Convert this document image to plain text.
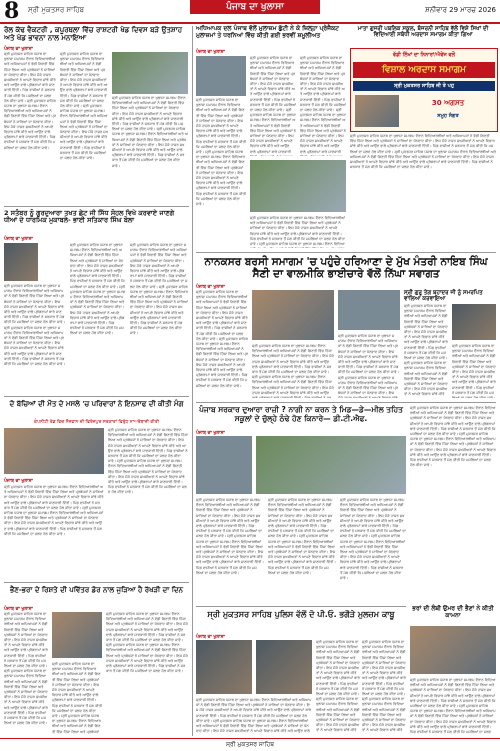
8 ਸ੍ਰੀ ਮੁਕਤਸਰ ਸਾਹਿਬ	ਪੰਜਾਬ ਦਾ ਖੁਲਾਸਾ	ਸ਼ਨੀਵਾਰ 29 ਮਾਰਚ 2026
ਰੋਲ ਕੱਢ ਵੈਕਟਰੀ , ਕਪੂਰਥਲਾ ਵਿੱਚ ਰਾਸ਼ਟਰੀ ਖੇਡ ਦਿਵਸ ਬੜੇ ਉਤਸ਼ਾਹ ਅਤੇ ਖੇਡ ਭਾਵਨਾ ਨਾਲ ਮਨਾਇਆ
ਪੰਜਾਬ ਦਾ ਖੁਲਾਸਾ
ਸ੍ਰੀ ਮੁਕਤਸਰ ਸਾਹਿਬ ਪੰਜਾਬ ਦਾ ਖੁਲਾਸਾ ਸਮਾਗਮ ਦੌਰਾਨ ਵਿਦਿਆਰਥੀਆਂ ਅਤੇ ਅਧਿਆਪਕਾਂ ਨੇ ਵੱਡੀ ਗਿਣਤੀ ਵਿੱਚ ਹਿੱਸਾ ਲਿਆ ਅਤੇ ਪ੍ਰਬੰਧਕਾਂ ਨੇ ਸਾਰਿਆਂ ਦਾ ਧੰਨਵਾਦ ਕੀਤਾ। ਇਸ ਮੌਕੇ ਹਾਜ਼ਰ ਸ਼ਖਸੀਅਤਾਂ ਨੇ ਆਪਣੇ ਵਿਚਾਰ ਸਾਂਝੇ ਕੀਤੇ ਅਤੇ ਆਉਣ ਵਾਲੇ ਪ੍ਰੋਗਰਾਮਾਂ ਬਾਰੇ ਜਾਣਕਾਰੀ ਦਿੱਤੀ। ਪਿੰਡ ਵਾਸੀਆਂ ਨੇ ਸਰਕਾਰ ਤੋਂ ਮੰਗ ਕੀਤੀ ਕਿ ਮਸਲਿਆਂ ਦਾ ਜਲਦ ਹੱਲ ਕੀਤਾ ਜਾਵੇ। ਸ੍ਰੀ ਮੁਕਤਸਰ ਸਾਹਿਬ ਪੰਜਾਬ ਦਾ ਖੁਲਾਸਾ ਸਮਾਗਮ ਦੌਰਾਨ ਵਿਦਿਆਰਥੀਆਂ ਅਤੇ ਅਧਿਆਪਕਾਂ ਨੇ ਵੱਡੀ ਗਿਣਤੀ ਵਿੱਚ ਹਿੱਸਾ ਲਿਆ ਅਤੇ ਪ੍ਰਬੰਧਕਾਂ ਨੇ ਸਾਰਿਆਂ ਦਾ ਧੰਨਵਾਦ ਕੀਤਾ। ਇਸ ਮੌਕੇ ਹਾਜ਼ਰ ਸ਼ਖਸੀਅਤਾਂ ਨੇ ਆਪਣੇ ਵਿਚਾਰ ਸਾਂਝੇ ਕੀਤੇ ਅਤੇ ਆਉਣ ਵਾਲੇ ਪ੍ਰੋਗਰਾਮਾਂ ਬਾਰੇ ਜਾਣਕਾਰੀ ਦਿੱਤੀ। ਪਿੰਡ ਵਾਸੀਆਂ ਨੇ ਸਰਕਾਰ ਤੋਂ ਮੰਗ ਕੀਤੀ ਕਿ ਮਸਲਿਆਂ ਦਾ ਜਲਦ ਹੱਲ ਕੀਤਾ ਜਾਵੇ।
ਸ੍ਰੀ ਮੁਕਤਸਰ ਸਾਹਿਬ ਪੰਜਾਬ ਦਾ ਖੁਲਾਸਾ ਸਮਾਗਮ ਦੌਰਾਨ ਵਿਦਿਆਰਥੀਆਂ ਅਤੇ ਅਧਿਆਪਕਾਂ ਨੇ ਵੱਡੀ ਗਿਣਤੀ ਵਿੱਚ ਹਿੱਸਾ ਲਿਆ ਅਤੇ ਪ੍ਰਬੰਧਕਾਂ ਨੇ ਸਾਰਿਆਂ ਦਾ ਧੰਨਵਾਦ ਕੀਤਾ। ਇਸ ਮੌਕੇ ਹਾਜ਼ਰ ਸ਼ਖਸੀਅਤਾਂ ਨੇ ਆਪਣੇ ਵਿਚਾਰ ਸਾਂਝੇ ਕੀਤੇ ਅਤੇ ਆਉਣ ਵਾਲੇ ਪ੍ਰੋਗਰਾਮਾਂ ਬਾਰੇ ਜਾਣਕਾਰੀ ਦਿੱਤੀ। ਪਿੰਡ ਵਾਸੀਆਂ ਨੇ ਸਰਕਾਰ ਤੋਂ ਮੰਗ ਕੀਤੀ ਕਿ ਮਸਲਿਆਂ ਦਾ ਜਲਦ ਹੱਲ ਕੀਤਾ ਜਾਵੇ। ਸ੍ਰੀ ਮੁਕਤਸਰ ਸਾਹਿਬ ਪੰਜਾਬ ਦਾ ਖੁਲਾਸਾ ਸਮਾਗਮ ਦੌਰਾਨ ਵਿਦਿਆਰਥੀਆਂ ਅਤੇ ਅਧਿਆਪਕਾਂ ਨੇ ਵੱਡੀ ਗਿਣਤੀ ਵਿੱਚ ਹਿੱਸਾ ਲਿਆ ਅਤੇ ਪ੍ਰਬੰਧਕਾਂ ਨੇ ਸਾਰਿਆਂ ਦਾ ਧੰਨਵਾਦ ਕੀਤਾ। ਇਸ ਮੌਕੇ ਹਾਜ਼ਰ ਸ਼ਖਸੀਅਤਾਂ ਨੇ ਆਪਣੇ ਵਿਚਾਰ ਸਾਂਝੇ ਕੀਤੇ ਅਤੇ ਆਉਣ ਵਾਲੇ ਪ੍ਰੋਗਰਾਮਾਂ ਬਾਰੇ ਜਾਣਕਾਰੀ ਦਿੱਤੀ। ਪਿੰਡ ਵਾਸੀਆਂ ਨੇ ਸਰਕਾਰ ਤੋਂ ਮੰਗ ਕੀਤੀ ਕਿ ਮਸਲਿਆਂ ਦਾ ਜਲਦ ਹੱਲ ਕੀਤਾ ਜਾਵੇ।
ਸ੍ਰੀ ਮੁਕਤਸਰ ਸਾਹਿਬ ਪੰਜਾਬ ਦਾ ਖੁਲਾਸਾ ਸਮਾਗਮ ਦੌਰਾਨ ਵਿਦਿਆਰਥੀਆਂ ਅਤੇ ਅਧਿਆਪਕਾਂ ਨੇ ਵੱਡੀ ਗਿਣਤੀ ਵਿੱਚ ਹਿੱਸਾ ਲਿਆ ਅਤੇ ਪ੍ਰਬੰਧਕਾਂ ਨੇ ਸਾਰਿਆਂ ਦਾ ਧੰਨਵਾਦ ਕੀਤਾ। ਇਸ ਮੌਕੇ ਹਾਜ਼ਰ ਸ਼ਖਸੀਅਤਾਂ ਨੇ ਆਪਣੇ ਵਿਚਾਰ ਸਾਂਝੇ ਕੀਤੇ ਅਤੇ ਆਉਣ ਵਾਲੇ ਪ੍ਰੋਗਰਾਮਾਂ ਬਾਰੇ ਜਾਣਕਾਰੀ ਦਿੱਤੀ। ਪਿੰਡ ਵਾਸੀਆਂ ਨੇ ਸਰਕਾਰ ਤੋਂ ਮੰਗ ਕੀਤੀ ਕਿ ਮਸਲਿਆਂ ਦਾ ਜਲਦ ਹੱਲ ਕੀਤਾ ਜਾਵੇ। ਸ੍ਰੀ ਮੁਕਤਸਰ ਸਾਹਿਬ ਪੰਜਾਬ ਦਾ ਖੁਲਾਸਾ ਸਮਾਗਮ ਦੌਰਾਨ ਵਿਦਿਆਰਥੀਆਂ ਅਤੇ ਅਧਿਆਪਕਾਂ ਨੇ ਵੱਡੀ ਗਿਣਤੀ ਵਿੱਚ ਹਿੱਸਾ ਲਿਆ ਅਤੇ ਪ੍ਰਬੰਧਕਾਂ ਨੇ ਸਾਰਿਆਂ ਦਾ ਧੰਨਵਾਦ ਕੀਤਾ। ਇਸ ਮੌਕੇ ਹਾਜ਼ਰ ਸ਼ਖਸੀਅਤਾਂ ਨੇ ਆਪਣੇ ਵਿਚਾਰ ਸਾਂਝੇ ਕੀਤੇ ਅਤੇ ਆਉਣ ਵਾਲੇ ਪ੍ਰੋਗਰਾਮਾਂ ਬਾਰੇ ਜਾਣਕਾਰੀ ਦਿੱਤੀ। ਪਿੰਡ ਵਾਸੀਆਂ ਨੇ ਸਰਕਾਰ ਤੋਂ ਮੰਗ ਕੀਤੀ ਕਿ ਮਸਲਿਆਂ ਦਾ ਜਲਦ ਹੱਲ ਕੀਤਾ ਜਾਵੇ।
2 ਸਤੰਬਰ ਨੂੰ ਗੁਰਦੁਆਰਾ ਤਖਤ ਛੇਟ ਜੀ ਸਿੱਧ ਸੋਹਲ ਵਿਖੇ ਕਰਵਾਏ ਜਾਣਗੇ ਧੀਆਂ ਦੇ ਧਾਰਮਿਕ ਮੁਕਾਬਲੇ- ਭਾਈ ਸਤਿਕਾਰ ਸਿੰਘ ਬੋਲਾ
ਪੰਜਾਬ ਦਾ ਖੁਲਾਸਾ
ਸ੍ਰੀ ਮੁਕਤਸਰ ਸਾਹਿਬ ਪੰਜਾਬ ਦਾ ਖੁਲਾਸਾ ਸਮਾਗਮ ਦੌਰਾਨ ਵਿਦਿਆਰਥੀਆਂ ਅਤੇ ਅਧਿਆਪਕਾਂ ਨੇ ਵੱਡੀ ਗਿਣਤੀ ਵਿੱਚ ਹਿੱਸਾ ਲਿਆ ਅਤੇ ਪ੍ਰਬੰਧਕਾਂ ਨੇ ਸਾਰਿਆਂ ਦਾ ਧੰਨਵਾਦ ਕੀਤਾ। ਇਸ ਮੌਕੇ ਹਾਜ਼ਰ ਸ਼ਖਸੀਅਤਾਂ ਨੇ ਆਪਣੇ ਵਿਚਾਰ ਸਾਂਝੇ ਕੀਤੇ ਅਤੇ ਆਉਣ ਵਾਲੇ ਪ੍ਰੋਗਰਾਮਾਂ ਬਾਰੇ ਜਾਣਕਾਰੀ ਦਿੱਤੀ। ਪਿੰਡ ਵਾਸੀਆਂ ਨੇ ਸਰਕਾਰ ਤੋਂ ਮੰਗ ਕੀਤੀ ਕਿ ਮਸਲਿਆਂ ਦਾ ਜਲਦ ਹੱਲ ਕੀਤਾ ਜਾਵੇ। ਸ੍ਰੀ ਮੁਕਤਸਰ ਸਾਹਿਬ ਪੰਜਾਬ ਦਾ ਖੁਲਾਸਾ ਸਮਾਗਮ ਦੌਰਾਨ ਵਿਦਿਆਰਥੀਆਂ ਅਤੇ ਅਧਿਆਪਕਾਂ ਨੇ ਵੱਡੀ ਗਿਣਤੀ ਵਿੱਚ ਹਿੱਸਾ ਲਿਆ ਅਤੇ ਪ੍ਰਬੰਧਕਾਂ ਨੇ ਸਾਰਿਆਂ ਦਾ ਧੰਨਵਾਦ ਕੀਤਾ। ਇਸ ਮੌਕੇ ਹਾਜ਼ਰ ਸ਼ਖਸੀਅਤਾਂ ਨੇ ਆਪਣੇ ਵਿਚਾਰ ਸਾਂਝੇ ਕੀਤੇ ਅਤੇ ਆਉਣ ਵਾਲੇ ਪ੍ਰੋਗਰਾਮਾਂ ਬਾਰੇ ਜਾਣਕਾਰੀ ਦਿੱਤੀ। ਪਿੰਡ ਵਾਸੀਆਂ ਨੇ ਸਰਕਾਰ ਤੋਂ ਮੰਗ ਕੀਤੀ ਕਿ ਮਸਲਿਆਂ ਦਾ ਜਲਦ ਹੱਲ ਕੀਤਾ ਜਾਵੇ।
ਸ੍ਰੀ ਮੁਕਤਸਰ ਸਾਹਿਬ ਪੰਜਾਬ ਦਾ ਖੁਲਾਸਾ ਸਮਾਗਮ ਦੌਰਾਨ ਵਿਦਿਆਰਥੀਆਂ ਅਤੇ ਅਧਿਆਪਕਾਂ ਨੇ ਵੱਡੀ ਗਿਣਤੀ ਵਿੱਚ ਹਿੱਸਾ ਲਿਆ ਅਤੇ ਪ੍ਰਬੰਧਕਾਂ ਨੇ ਸਾਰਿਆਂ ਦਾ ਧੰਨਵਾਦ ਕੀਤਾ। ਇਸ ਮੌਕੇ ਹਾਜ਼ਰ ਸ਼ਖਸੀਅਤਾਂ ਨੇ ਆਪਣੇ ਵਿਚਾਰ ਸਾਂਝੇ ਕੀਤੇ ਅਤੇ ਆਉਣ ਵਾਲੇ ਪ੍ਰੋਗਰਾਮਾਂ ਬਾਰੇ ਜਾਣਕਾਰੀ ਦਿੱਤੀ। ਪਿੰਡ ਵਾਸੀਆਂ ਨੇ ਸਰਕਾਰ ਤੋਂ ਮੰਗ ਕੀਤੀ ਕਿ ਮਸਲਿਆਂ ਦਾ ਜਲਦ ਹੱਲ ਕੀਤਾ ਜਾਵੇ। ਸ੍ਰੀ ਮੁਕਤਸਰ ਸਾਹਿਬ ਪੰਜਾਬ ਦਾ ਖੁਲਾਸਾ ਸਮਾਗਮ ਦੌਰਾਨ ਵਿਦਿਆਰਥੀਆਂ ਅਤੇ ਅਧਿਆਪਕਾਂ ਨੇ ਵੱਡੀ ਗਿਣਤੀ ਵਿੱਚ ਹਿੱਸਾ ਲਿਆ ਅਤੇ ਪ੍ਰਬੰਧਕਾਂ ਨੇ ਸਾਰਿਆਂ ਦਾ ਧੰਨਵਾਦ ਕੀਤਾ। ਇਸ ਮੌਕੇ ਹਾਜ਼ਰ ਸ਼ਖਸੀਅਤਾਂ ਨੇ ਆਪਣੇ ਵਿਚਾਰ ਸਾਂਝੇ ਕੀਤੇ ਅਤੇ ਆਉਣ ਵਾਲੇ ਪ੍ਰੋਗਰਾਮਾਂ ਬਾਰੇ ਜਾਣਕਾਰੀ ਦਿੱਤੀ। ਪਿੰਡ ਵਾਸੀਆਂ ਨੇ ਸਰਕਾਰ ਤੋਂ ਮੰਗ ਕੀਤੀ ਕਿ ਮਸਲਿਆਂ ਦਾ ਜਲਦ ਹੱਲ ਕੀਤਾ ਜਾਵੇ।
ਸ੍ਰੀ ਮੁਕਤਸਰ ਸਾਹਿਬ ਪੰਜਾਬ ਦਾ ਖੁਲਾਸਾ ਸਮਾਗਮ ਦੌਰਾਨ ਵਿਦਿਆਰਥੀਆਂ ਅਤੇ ਅਧਿਆਪਕਾਂ ਨੇ ਵੱਡੀ ਗਿਣਤੀ ਵਿੱਚ ਹਿੱਸਾ ਲਿਆ ਅਤੇ ਪ੍ਰਬੰਧਕਾਂ ਨੇ ਸਾਰਿਆਂ ਦਾ ਧੰਨਵਾਦ ਕੀਤਾ। ਇਸ ਮੌਕੇ ਹਾਜ਼ਰ ਸ਼ਖਸੀਅਤਾਂ ਨੇ ਆਪਣੇ ਵਿਚਾਰ ਸਾਂਝੇ ਕੀਤੇ ਅਤੇ ਆਉਣ ਵਾਲੇ ਪ੍ਰੋਗਰਾਮਾਂ ਬਾਰੇ ਜਾਣਕਾਰੀ ਦਿੱਤੀ। ਪਿੰਡ ਵਾਸੀਆਂ ਨੇ ਸਰਕਾਰ ਤੋਂ ਮੰਗ ਕੀਤੀ ਕਿ ਮਸਲਿਆਂ ਦਾ ਜਲਦ ਹੱਲ ਕੀਤਾ ਜਾਵੇ। ਸ੍ਰੀ ਮੁਕਤਸਰ ਸਾਹਿਬ ਪੰਜਾਬ ਦਾ ਖੁਲਾਸਾ ਸਮਾਗਮ ਦੌਰਾਨ ਵਿਦਿਆਰਥੀਆਂ ਅਤੇ ਅਧਿਆਪਕਾਂ ਨੇ ਵੱਡੀ ਗਿਣਤੀ ਵਿੱਚ ਹਿੱਸਾ ਲਿਆ ਅਤੇ ਪ੍ਰਬੰਧਕਾਂ ਨੇ ਸਾਰਿਆਂ ਦਾ ਧੰਨਵਾਦ ਕੀਤਾ। ਇਸ ਮੌਕੇ ਹਾਜ਼ਰ ਸ਼ਖਸੀਅਤਾਂ ਨੇ ਆਪਣੇ ਵਿਚਾਰ ਸਾਂਝੇ ਕੀਤੇ ਅਤੇ ਆਉਣ ਵਾਲੇ ਪ੍ਰੋਗਰਾਮਾਂ ਬਾਰੇ ਜਾਣਕਾਰੀ ਦਿੱਤੀ। ਪਿੰਡ ਵਾਸੀਆਂ ਨੇ ਸਰਕਾਰ ਤੋਂ ਮੰਗ ਕੀਤੀ ਕਿ ਮਸਲਿਆਂ ਦਾ ਜਲਦ ਹੱਲ ਕੀਤਾ ਜਾਵੇ।
ਦੋ ਬੱਚਿਆਂ ਦੀ ਮੌਤ ਦੇ ਮਸਲੇ 'ਚ ਪਰਿਵਾਰਾਂ ਨੇ ਇਨਸਾਫ ਦੀ ਕੀਤੀ ਮੰਗ
ਕੰਪਨੀਟੀ ਰੋਡ ਵਿਚ ਨੌਜਵਾਨ ਦੀ ਫਿਰੋਜ਼ਪੁਰ ਸਰਕਾਰਾਂ ਵਿਰੁੱਧ ਨਾਅਰੇਬਾਜ਼ੀ ਕੀਤੀ
ਸ੍ਰੀ ਮੁਕਤਸਰ ਸਾਹਿਬ ਪੰਜਾਬ ਦਾ ਖੁਲਾਸਾ ਸਮਾਗਮ ਦੌਰਾਨ ਵਿਦਿਆਰਥੀਆਂ ਅਤੇ ਅਧਿਆਪਕਾਂ ਨੇ ਵੱਡੀ ਗਿਣਤੀ ਵਿੱਚ ਹਿੱਸਾ ਲਿਆ ਅਤੇ ਪ੍ਰਬੰਧਕਾਂ ਨੇ ਸਾਰਿਆਂ ਦਾ ਧੰਨਵਾਦ ਕੀਤਾ। ਇਸ ਮੌਕੇ ਹਾਜ਼ਰ ਸ਼ਖਸੀਅਤਾਂ ਨੇ ਆਪਣੇ ਵਿਚਾਰ ਸਾਂਝੇ ਕੀਤੇ ਅਤੇ ਆਉਣ ਵਾਲੇ ਪ੍ਰੋਗਰਾਮਾਂ ਬਾਰੇ ਜਾਣਕਾਰੀ ਦਿੱਤੀ। ਪਿੰਡ ਵਾਸੀਆਂ ਨੇ ਸਰਕਾਰ ਤੋਂ ਮੰਗ ਕੀਤੀ ਕਿ ਮਸਲਿਆਂ ਦਾ ਜਲਦ ਹੱਲ ਕੀਤਾ ਜਾਵੇ। ਸ੍ਰੀ ਮੁਕਤਸਰ ਸਾਹਿਬ ਪੰਜਾਬ ਦਾ ਖੁਲਾਸਾ ਸਮਾਗਮ ਦੌਰਾਨ ਵਿਦਿਆਰਥੀਆਂ ਅਤੇ ਅਧਿਆਪਕਾਂ ਨੇ ਵੱਡੀ ਗਿਣਤੀ ਵਿੱਚ ਹਿੱਸਾ ਲਿਆ ਅਤੇ ਪ੍ਰਬੰਧਕਾਂ ਨੇ ਸਾਰਿਆਂ ਦਾ ਧੰਨਵਾਦ ਕੀਤਾ। ਇਸ ਮੌਕੇ ਹਾਜ਼ਰ ਸ਼ਖਸੀਅਤਾਂ ਨੇ ਆਪਣੇ ਵਿਚਾਰ ਸਾਂਝੇ ਕੀਤੇ ਅਤੇ ਆਉਣ ਵਾਲੇ ਪ੍ਰੋਗਰਾਮਾਂ ਬਾਰੇ ਜਾਣਕਾਰੀ ਦਿੱਤੀ। ਪਿੰਡ ਵਾਸੀਆਂ ਨੇ ਸਰਕਾਰ ਤੋਂ ਮੰਗ ਕੀਤੀ ਕਿ ਮਸਲਿਆਂ ਦਾ ਜਲਦ ਹੱਲ ਕੀਤਾ ਜਾਵੇ।
ਪੰਜਾਬ ਦਾ ਖੁਲਾਸਾ
ਸ੍ਰੀ ਮੁਕਤਸਰ ਸਾਹਿਬ ਪੰਜਾਬ ਦਾ ਖੁਲਾਸਾ ਸਮਾਗਮ ਦੌਰਾਨ ਵਿਦਿਆਰਥੀਆਂ ਅਤੇ ਅਧਿਆਪਕਾਂ ਨੇ ਵੱਡੀ ਗਿਣਤੀ ਵਿੱਚ ਹਿੱਸਾ ਲਿਆ ਅਤੇ ਪ੍ਰਬੰਧਕਾਂ ਨੇ ਸਾਰਿਆਂ ਦਾ ਧੰਨਵਾਦ ਕੀਤਾ। ਇਸ ਮੌਕੇ ਹਾਜ਼ਰ ਸ਼ਖਸੀਅਤਾਂ ਨੇ ਆਪਣੇ ਵਿਚਾਰ ਸਾਂਝੇ ਕੀਤੇ ਅਤੇ ਆਉਣ ਵਾਲੇ ਪ੍ਰੋਗਰਾਮਾਂ ਬਾਰੇ ਜਾਣਕਾਰੀ ਦਿੱਤੀ। ਪਿੰਡ ਵਾਸੀਆਂ ਨੇ ਸਰਕਾਰ ਤੋਂ ਮੰਗ ਕੀਤੀ ਕਿ ਮਸਲਿਆਂ ਦਾ ਜਲਦ ਹੱਲ ਕੀਤਾ ਜਾਵੇ। ਸ੍ਰੀ ਮੁਕਤਸਰ ਸਾਹਿਬ ਪੰਜਾਬ ਦਾ ਖੁਲਾਸਾ ਸਮਾਗਮ ਦੌਰਾਨ ਵਿਦਿਆਰਥੀਆਂ ਅਤੇ ਅਧਿਆਪਕਾਂ ਨੇ ਵੱਡੀ ਗਿਣਤੀ ਵਿੱਚ ਹਿੱਸਾ ਲਿਆ ਅਤੇ ਪ੍ਰਬੰਧਕਾਂ ਨੇ ਸਾਰਿਆਂ ਦਾ ਧੰਨਵਾਦ ਕੀਤਾ। ਇਸ ਮੌਕੇ ਹਾਜ਼ਰ ਸ਼ਖਸੀਅਤਾਂ ਨੇ ਆਪਣੇ ਵਿਚਾਰ ਸਾਂਝੇ ਕੀਤੇ ਅਤੇ ਆਉਣ ਵਾਲੇ ਪ੍ਰੋਗਰਾਮਾਂ ਬਾਰੇ ਜਾਣਕਾਰੀ ਦਿੱਤੀ। ਪਿੰਡ ਵਾਸੀਆਂ ਨੇ ਸਰਕਾਰ ਤੋਂ ਮੰਗ ਕੀਤੀ ਕਿ ਮਸਲਿਆਂ ਦਾ ਜਲਦ ਹੱਲ ਕੀਤਾ ਜਾਵੇ।
ਭੈਣ-ਭਰਾ ਦੇ ਰਿਸ਼ਤੇ ਦੀ ਪਵਿੱਤਰ ਡੋਰ ਨਾਲ ਜੁੜਿਆ ਹੈ ਰੱਖੜੀ ਦਾ ਦਿਨ
ਪੰਜਾਬ ਦਾ ਖੁਲਾਸਾ
ਸ੍ਰੀ ਮੁਕਤਸਰ ਸਾਹਿਬ ਪੰਜਾਬ ਦਾ ਖੁਲਾਸਾ ਸਮਾਗਮ ਦੌਰਾਨ ਵਿਦਿਆਰਥੀਆਂ ਅਤੇ ਅਧਿਆਪਕਾਂ ਨੇ ਵੱਡੀ ਗਿਣਤੀ ਵਿੱਚ ਹਿੱਸਾ ਲਿਆ ਅਤੇ ਪ੍ਰਬੰਧਕਾਂ ਨੇ ਸਾਰਿਆਂ ਦਾ ਧੰਨਵਾਦ ਕੀਤਾ। ਇਸ ਮੌਕੇ ਹਾਜ਼ਰ ਸ਼ਖਸੀਅਤਾਂ ਨੇ ਆਪਣੇ ਵਿਚਾਰ ਸਾਂਝੇ ਕੀਤੇ ਅਤੇ ਆਉਣ ਵਾਲੇ ਪ੍ਰੋਗਰਾਮਾਂ ਬਾਰੇ ਜਾਣਕਾਰੀ ਦਿੱਤੀ। ਪਿੰਡ ਵਾਸੀਆਂ ਨੇ ਸਰਕਾਰ ਤੋਂ ਮੰਗ ਕੀਤੀ ਕਿ ਮਸਲਿਆਂ ਦਾ ਜਲਦ ਹੱਲ ਕੀਤਾ ਜਾਵੇ। ਸ੍ਰੀ ਮੁਕਤਸਰ ਸਾਹਿਬ ਪੰਜਾਬ ਦਾ ਖੁਲਾਸਾ ਸਮਾਗਮ ਦੌਰਾਨ ਵਿਦਿਆਰਥੀਆਂ ਅਤੇ ਅਧਿਆਪਕਾਂ ਨੇ ਵੱਡੀ ਗਿਣਤੀ ਵਿੱਚ ਹਿੱਸਾ ਲਿਆ ਅਤੇ ਪ੍ਰਬੰਧਕਾਂ ਨੇ ਸਾਰਿਆਂ ਦਾ ਧੰਨਵਾਦ ਕੀਤਾ। ਇਸ ਮੌਕੇ ਹਾਜ਼ਰ ਸ਼ਖਸੀਅਤਾਂ ਨੇ ਆਪਣੇ ਵਿਚਾਰ ਸਾਂਝੇ ਕੀਤੇ ਅਤੇ ਆਉਣ ਵਾਲੇ ਪ੍ਰੋਗਰਾਮਾਂ ਬਾਰੇ ਜਾਣਕਾਰੀ ਦਿੱਤੀ। ਪਿੰਡ ਵਾਸੀਆਂ ਨੇ ਸਰਕਾਰ ਤੋਂ ਮੰਗ ਕੀਤੀ ਕਿ ਮਸਲਿਆਂ ਦਾ ਜਲਦ ਹੱਲ ਕੀਤਾ ਜਾਵੇ।
ਸ੍ਰੀ ਮੁਕਤਸਰ ਸਾਹਿਬ ਪੰਜਾਬ ਦਾ ਖੁਲਾਸਾ ਸਮਾਗਮ ਦੌਰਾਨ ਵਿਦਿਆਰਥੀਆਂ ਅਤੇ ਅਧਿਆਪਕਾਂ ਨੇ ਵੱਡੀ ਗਿਣਤੀ ਵਿੱਚ ਹਿੱਸਾ ਲਿਆ ਅਤੇ ਪ੍ਰਬੰਧਕਾਂ ਨੇ ਸਾਰਿਆਂ ਦਾ ਧੰਨਵਾਦ ਕੀਤਾ। ਇਸ ਮੌਕੇ ਹਾਜ਼ਰ ਸ਼ਖਸੀਅਤਾਂ ਨੇ ਆਪਣੇ ਵਿਚਾਰ ਸਾਂਝੇ ਕੀਤੇ ਅਤੇ ਆਉਣ ਵਾਲੇ ਪ੍ਰੋਗਰਾਮਾਂ ਬਾਰੇ ਜਾਣਕਾਰੀ ਦਿੱਤੀ। ਪਿੰਡ ਵਾਸੀਆਂ ਨੇ ਸਰਕਾਰ ਤੋਂ ਮੰਗ ਕੀਤੀ ਕਿ ਮਸਲਿਆਂ ਦਾ ਜਲਦ ਹੱਲ ਕੀਤਾ ਜਾਵੇ। ਸ੍ਰੀ ਮੁਕਤਸਰ ਸਾਹਿਬ ਪੰਜਾਬ ਦਾ ਖੁਲਾਸਾ ਸਮਾਗਮ ਦੌਰਾਨ ਵਿਦਿਆਰਥੀਆਂ ਅਤੇ ਅਧਿਆਪਕਾਂ ਨੇ ਵੱਡੀ ਗਿਣਤੀ ਵਿੱਚ ਹਿੱਸਾ ਲਿਆ ਅਤੇ ਪ੍ਰਬੰਧਕਾਂ
ਸ੍ਰੀ ਮੁਕਤਸਰ ਸਾਹਿਬ ਪੰਜਾਬ ਦਾ ਖੁਲਾਸਾ ਸਮਾਗਮ ਦੌਰਾਨ ਵਿਦਿਆਰਥੀਆਂ ਅਤੇ ਅਧਿਆਪਕਾਂ ਨੇ ਵੱਡੀ ਗਿਣਤੀ ਵਿੱਚ ਹਿੱਸਾ ਲਿਆ ਅਤੇ ਪ੍ਰਬੰਧਕਾਂ ਨੇ ਸਾਰਿਆਂ ਦਾ ਧੰਨਵਾਦ ਕੀਤਾ। ਇਸ ਮੌਕੇ ਹਾਜ਼ਰ ਸ਼ਖਸੀਅਤਾਂ ਨੇ ਆਪਣੇ ਵਿਚਾਰ ਸਾਂਝੇ ਕੀਤੇ ਅਤੇ ਆਉਣ ਵਾਲੇ ਪ੍ਰੋਗਰਾਮਾਂ ਬਾਰੇ ਜਾਣਕਾਰੀ ਦਿੱਤੀ। ਪਿੰਡ ਵਾਸੀਆਂ ਨੇ ਸਰਕਾਰ ਤੋਂ ਮੰਗ ਕੀਤੀ ਕਿ ਮਸਲਿਆਂ ਦਾ ਜਲਦ ਹੱਲ ਕੀਤਾ ਜਾਵੇ। ਸ੍ਰੀ ਮੁਕਤਸਰ ਸਾਹਿਬ ਪੰਜਾਬ ਦਾ ਖੁਲਾਸਾ ਸਮਾਗਮ ਦੌਰਾਨ ਵਿਦਿਆਰਥੀਆਂ ਅਤੇ ਅਧਿਆਪਕਾਂ ਨੇ ਵੱਡੀ ਗਿਣਤੀ ਵਿੱਚ ਹਿੱਸਾ ਲਿਆ ਅਤੇ ਪ੍ਰਬੰਧਕਾਂ ਨੇ ਸਾਰਿਆਂ ਦਾ ਧੰਨਵਾਦ ਕੀਤਾ। ਇਸ ਮੌਕੇ ਹਾਜ਼ਰ ਸ਼ਖਸੀਅਤਾਂ ਨੇ ਆਪਣੇ ਵਿਚਾਰ ਸਾਂਝੇ ਕੀਤੇ ਅਤੇ ਆਉਣ ਵਾਲੇ ਪ੍ਰੋਗਰਾਮਾਂ ਬਾਰੇ ਜਾਣਕਾਰੀ ਦਿੱਤੀ। ਪਿੰਡ ਵਾਸੀਆਂ ਨੇ ਸਰਕਾਰ ਤੋਂ ਮੰਗ ਕੀਤੀ ਕਿ ਮਸਲਿਆਂ ਦਾ ਜਲਦ ਹੱਲ ਕੀਤਾ ਜਾਵੇ।
ਅਧਿਆਪਕ ਦਲ ਪੰਜਾਬ ਵੱਲੋਂ ਮੁਲਾਜ਼ਮ ਛੁੱਟੀ ਨੇ ਕੋ ਜ਼ਿਲ੍ਹਾ ਪ੍ਰੋਜੈਕਟ ਮੁਲਾਜ਼ਮਾਂ ਤੇ ਧਰਨਿਆਂ ਵਿੱਚ ਕੀਤੀ ਗਈ ਭਰਵੀਂ ਸ਼ਮੂਲੀਅਤ
ਪੰਜਾਬ ਦਾ ਖੁਲਾਸਾ
ਸ੍ਰੀ ਮੁਕਤਸਰ ਸਾਹਿਬ ਪੰਜਾਬ ਦਾ ਖੁਲਾਸਾ ਸਮਾਗਮ ਦੌਰਾਨ ਵਿਦਿਆਰਥੀਆਂ ਅਤੇ ਅਧਿਆਪਕਾਂ ਨੇ ਵੱਡੀ ਗਿਣਤੀ ਵਿੱਚ ਹਿੱਸਾ ਲਿਆ ਅਤੇ ਪ੍ਰਬੰਧਕਾਂ ਨੇ ਸਾਰਿਆਂ ਦਾ ਧੰਨਵਾਦ ਕੀਤਾ। ਇਸ ਮੌਕੇ ਹਾਜ਼ਰ ਸ਼ਖਸੀਅਤਾਂ ਨੇ ਆਪਣੇ ਵਿਚਾਰ ਸਾਂਝੇ ਕੀਤੇ ਅਤੇ ਆਉਣ ਵਾਲੇ ਪ੍ਰੋਗਰਾਮਾਂ ਬਾਰੇ ਜਾਣਕਾਰੀ ਦਿੱਤੀ। ਪਿੰਡ ਵਾਸੀਆਂ ਨੇ ਸਰਕਾਰ ਤੋਂ ਮੰਗ ਕੀਤੀ ਕਿ ਮਸਲਿਆਂ ਦਾ ਜਲਦ ਹੱਲ ਕੀਤਾ ਜਾਵੇ। ਸ੍ਰੀ ਮੁਕਤਸਰ ਸਾਹਿਬ ਪੰਜਾਬ ਦਾ ਖੁਲਾਸਾ ਸਮਾਗਮ ਦੌਰਾਨ ਵਿਦਿਆਰਥੀਆਂ ਅਤੇ ਅਧਿਆਪਕਾਂ ਨੇ ਵੱਡੀ ਗਿਣਤੀ ਵਿੱਚ ਹਿੱਸਾ ਲਿਆ ਅਤੇ ਪ੍ਰਬੰਧਕਾਂ ਨੇ ਸਾਰਿਆਂ ਦਾ ਧੰਨਵਾਦ ਕੀਤਾ। ਇਸ ਮੌਕੇ ਹਾਜ਼ਰ ਸ਼ਖਸੀਅਤਾਂ ਨੇ ਆਪਣੇ ਵਿਚਾਰ ਸਾਂਝੇ ਕੀਤੇ ਅਤੇ ਆਉਣ ਵਾਲੇ ਪ੍ਰੋਗਰਾਮਾਂ ਬਾਰੇ ਜਾਣਕਾਰੀ ਦਿੱਤੀ। ਪਿੰਡ ਵਾਸੀਆਂ ਨੇ ਸਰਕਾਰ ਤੋਂ ਮੰਗ ਕੀਤੀ ਕਿ ਮਸਲਿਆਂ ਦਾ ਜਲਦ ਹੱਲ ਕੀਤਾ ਜਾਵੇ।
ਸ੍ਰੀ ਮੁਕਤਸਰ ਸਾਹਿਬ ਪੰਜਾਬ ਦਾ ਖੁਲਾਸਾ ਸਮਾਗਮ ਦੌਰਾਨ ਵਿਦਿਆਰਥੀਆਂ ਅਤੇ ਅਧਿਆਪਕਾਂ ਨੇ ਵੱਡੀ ਗਿਣਤੀ ਵਿੱਚ ਹਿੱਸਾ ਲਿਆ ਅਤੇ ਪ੍ਰਬੰਧਕਾਂ ਨੇ ਸਾਰਿਆਂ ਦਾ ਧੰਨਵਾਦ ਕੀਤਾ। ਇਸ ਮੌਕੇ ਹਾਜ਼ਰ ਸ਼ਖਸੀਅਤਾਂ ਨੇ ਆਪਣੇ ਵਿਚਾਰ ਸਾਂਝੇ ਕੀਤੇ ਅਤੇ ਆਉਣ ਵਾਲੇ ਪ੍ਰੋਗਰਾਮਾਂ ਬਾਰੇ ਜਾਣਕਾਰੀ ਦਿੱਤੀ। ਪਿੰਡ ਵਾਸੀਆਂ ਨੇ ਸਰਕਾਰ ਤੋਂ ਮੰਗ ਕੀਤੀ ਕਿ ਮਸਲਿਆਂ ਦਾ ਜਲਦ ਹੱਲ ਕੀਤਾ ਜਾਵੇ। ਸ੍ਰੀ ਮੁਕਤਸਰ ਸਾਹਿਬ ਪੰਜਾਬ ਦਾ ਖੁਲਾਸਾ ਸਮਾਗਮ ਦੌਰਾਨ ਵਿਦਿਆਰਥੀਆਂ ਅਤੇ ਅਧਿਆਪਕਾਂ ਨੇ ਵੱਡੀ ਗਿਣਤੀ ਵਿੱਚ ਹਿੱਸਾ ਲਿਆ ਅਤੇ ਪ੍ਰਬੰਧਕਾਂ ਨੇ ਸਾਰਿਆਂ ਦਾ ਧੰਨਵਾਦ ਕੀਤਾ। ਇਸ ਮੌਕੇ ਹਾਜ਼ਰ ਸ਼ਖਸੀਅਤਾਂ ਨੇ ਆਪਣੇ ਵਿਚਾਰ ਸਾਂਝੇ ਕੀਤੇ ਅਤੇ ਆਉਣ ਵਾਲੇ ਪ੍ਰੋਗਰਾਮਾਂ ਬਾਰੇ ਜਾਣਕਾਰੀ
ਸ੍ਰੀ ਮੁਕਤਸਰ ਸਾਹਿਬ ਪੰਜਾਬ ਦਾ ਖੁਲਾਸਾ ਸਮਾਗਮ ਦੌਰਾਨ ਵਿਦਿਆਰਥੀਆਂ ਅਤੇ ਅਧਿਆਪਕਾਂ ਨੇ ਵੱਡੀ ਗਿਣਤੀ ਵਿੱਚ ਹਿੱਸਾ ਲਿਆ ਅਤੇ ਪ੍ਰਬੰਧਕਾਂ ਨੇ ਸਾਰਿਆਂ ਦਾ ਧੰਨਵਾਦ ਕੀਤਾ। ਇਸ ਮੌਕੇ ਹਾਜ਼ਰ ਸ਼ਖਸੀਅਤਾਂ ਨੇ ਆਪਣੇ ਵਿਚਾਰ ਸਾਂਝੇ ਕੀਤੇ ਅਤੇ ਆਉਣ ਵਾਲੇ ਪ੍ਰੋਗਰਾਮਾਂ ਬਾਰੇ ਜਾਣਕਾਰੀ ਦਿੱਤੀ। ਪਿੰਡ ਵਾਸੀਆਂ ਨੇ ਸਰਕਾਰ ਤੋਂ ਮੰਗ ਕੀਤੀ ਕਿ ਮਸਲਿਆਂ ਦਾ ਜਲਦ ਹੱਲ ਕੀਤਾ ਜਾਵੇ। ਸ੍ਰੀ ਮੁਕਤਸਰ ਸਾਹਿਬ ਪੰਜਾਬ ਦਾ ਖੁਲਾਸਾ ਸਮਾਗਮ ਦੌਰਾਨ ਵਿਦਿਆਰਥੀਆਂ ਅਤੇ ਅਧਿਆਪਕਾਂ ਨੇ ਵੱਡੀ ਗਿਣਤੀ ਵਿੱਚ ਹਿੱਸਾ ਲਿਆ ਅਤੇ ਪ੍ਰਬੰਧਕਾਂ ਨੇ ਸਾਰਿਆਂ ਦਾ ਧੰਨਵਾਦ ਕੀਤਾ। ਇਸ ਮੌਕੇ ਹਾਜ਼ਰ ਸ਼ਖਸੀਅਤਾਂ ਨੇ ਆਪਣੇ ਵਿਚਾਰ ਸਾਂਝੇ ਕੀਤੇ ਅਤੇ ਆਉਣ ਵਾਲੇ ਪ੍ਰੋਗਰਾਮਾਂ ਬਾਰੇ ਜਾਣਕਾਰੀ
ਸ੍ਰੀ ਮੁਕਤਸਰ ਸਾਹਿਬ ਪੰਜਾਬ ਦਾ ਖੁਲਾਸਾ ਸਮਾਗਮ ਦੌਰਾਨ ਵਿਦਿਆਰਥੀਆਂ ਅਤੇ ਅਧਿਆਪਕਾਂ ਨੇ ਵੱਡੀ ਗਿਣਤੀ ਵਿੱਚ ਹਿੱਸਾ ਲਿਆ ਅਤੇ ਪ੍ਰਬੰਧਕਾਂ ਨੇ ਸਾਰਿਆਂ ਦਾ ਧੰਨਵਾਦ ਕੀਤਾ। ਇਸ ਮੌਕੇ ਹਾਜ਼ਰ ਸ਼ਖਸੀਅਤਾਂ ਨੇ ਆਪਣੇ ਵਿਚਾਰ ਸਾਂਝੇ ਕੀਤੇ ਅਤੇ ਆਉਣ ਵਾਲੇ ਪ੍ਰੋਗਰਾਮਾਂ ਬਾਰੇ ਜਾਣਕਾਰੀ ਦਿੱਤੀ। ਪਿੰਡ ਵਾਸੀਆਂ ਨੇ ਸਰਕਾਰ ਤੋਂ ਮੰਗ ਕੀਤੀ ਕਿ ਮਸਲਿਆਂ ਦਾ ਜਲਦ ਹੱਲ ਕੀਤਾ ਜਾਵੇ। ਸ੍ਰੀ ਮੁਕਤਸਰ ਸਾਹਿਬ ਪੰਜਾਬ ਦਾ ਖੁਲਾਸਾ ਸਮਾਗਮ ਦੌਰਾਨ ਵਿਦਿਆ
ਮਾਤਾ ਗੁਜਰੀ ਪਬਲਿਕ ਸਕੂਲ, ਬੰਜਰਨੀ ਸਾਹਿਬ ਵੱਲੋਂ ਵਿਸ਼ੇ ਸਿਖਾਂ ਦੀ ਵਿਦਿਆਈ ਸਬੰਧੀ ਅਰਦਾਸ ਸਮਾਗਮ ਕੀਤਾ ਗਿਆ
ਵੱਡੀ ਲਿੱਖਾਂ ਦਾ ਨਿਨਾਰਾਂ/ਐਵੇਂਜ ਵਲੋਂ
ਵਿਸ਼ਾਲ ਅਰਦਾਸ ਸਮਾਗਮ
ਸ੍ਰੀ ਮੁਕਤਸਰ ਸਾਹਿਬ ਜੀ ਤੇ ਪਹੁ
30 ਅਗਸਤ
ਸਮੂਹ ਸੰਗਤ
ਸ੍ਰੀ ਮੁਕਤਸਰ ਸਾਹਿਬ ਪੰਜਾਬ ਦਾ ਖੁਲਾਸਾ ਸਮਾਗਮ ਦੌਰਾਨ ਵਿਦਿਆਰਥੀਆਂ ਅਤੇ ਅਧਿਆਪਕਾਂ ਨੇ ਵੱਡੀ ਗਿਣਤੀ ਵਿੱਚ ਹਿੱਸਾ ਲਿਆ ਅਤੇ ਪ੍ਰਬੰਧਕਾਂ ਨੇ ਸਾਰਿਆਂ ਦਾ ਧੰਨਵਾਦ ਕੀਤਾ। ਇਸ ਮੌਕੇ ਹਾਜ਼ਰ ਸ਼ਖਸੀਅਤਾਂ ਨੇ ਆਪਣੇ ਵਿਚਾਰ ਸਾਂਝੇ ਕੀਤੇ ਅਤੇ ਆਉਣ ਵਾਲੇ ਪ੍ਰੋਗਰਾਮਾਂ ਬਾਰੇ ਜਾਣਕਾਰੀ ਦਿੱਤੀ। ਪਿੰਡ ਵਾਸੀਆਂ ਨੇ ਸਰਕਾਰ ਤੋਂ ਮੰਗ ਕੀਤੀ ਕਿ ਮਸਲਿਆਂ ਦਾ ਜਲਦ ਹੱਲ ਕੀਤਾ ਜਾਵੇ। ਸ੍ਰੀ ਮੁਕਤਸਰ ਸਾਹਿਬ ਪੰਜਾਬ ਦਾ ਖੁਲਾਸਾ ਸਮਾਗਮ ਦੌਰਾਨ ਵਿਦਿਆਰਥੀਆਂ ਅਤੇ ਅਧਿਆਪਕਾਂ ਨੇ ਵੱਡੀ ਗਿਣਤੀ ਵਿੱਚ ਹਿੱਸਾ ਲਿਆ ਅਤੇ ਪ੍ਰਬੰਧਕਾਂ ਨੇ ਸਾਰਿਆਂ ਦਾ ਧੰਨਵਾਦ ਕੀਤਾ। ਇਸ ਮੌਕੇ ਹਾਜ਼ਰ ਸ਼ਖਸੀਅਤਾਂ ਨੇ ਆਪਣੇ ਵਿਚਾਰ ਸਾਂਝੇ ਕੀਤੇ ਅਤੇ ਆਉਣ ਵਾਲੇ ਪ੍ਰੋਗਰਾਮਾਂ ਬਾਰੇ ਜਾਣਕਾਰੀ ਦਿੱਤੀ। ਪਿੰਡ ਵਾਸੀਆਂ ਨੇ ਸਰਕਾਰ ਤੋਂ ਮੰਗ ਕੀਤੀ ਕਿ ਮਸਲਿਆਂ ਦਾ ਜਲਦ ਹੱਲ ਕੀਤਾ ਜਾਵੇ।
ਨਾਨਕਸਰ ਬਰਸੀ ਸਮਾਗਮ 'ਚ ਪਹੁੰਚੇ ਹਰਿਆਣਾ ਦੇ ਮੁੱਖ ਮੰਤਰੀ ਨਾਇਬ ਸਿੰਘ ਸੈਣੀ ਦਾ ਵਾਲਮੀਕਿ ਭਾਈਚਾਰੇ ਵੱਲੋਂ ਨਿੱਘਾ ਸਵਾਗਤ
ਪੰਜਾਬ ਦਾ ਖੁਲਾਸਾ
ਸ੍ਰੀ ਮੁਕਤਸਰ ਸਾਹਿਬ ਪੰਜਾਬ ਦਾ ਖੁਲਾਸਾ ਸਮਾਗਮ ਦੌਰਾਨ ਵਿਦਿਆਰਥੀਆਂ ਅਤੇ ਅਧਿਆਪਕਾਂ ਨੇ ਵੱਡੀ ਗਿਣਤੀ ਵਿੱਚ ਹਿੱਸਾ ਲਿਆ ਅਤੇ ਪ੍ਰਬੰਧਕਾਂ ਨੇ ਸਾਰਿਆਂ ਦਾ ਧੰਨਵਾਦ ਕੀਤਾ। ਇਸ ਮੌਕੇ ਹਾਜ਼ਰ ਸ਼ਖਸੀਅਤਾਂ ਨੇ ਆਪਣੇ ਵਿਚਾਰ ਸਾਂਝੇ ਕੀਤੇ ਅਤੇ ਆਉਣ ਵਾਲੇ ਪ੍ਰੋਗਰਾਮਾਂ ਬਾਰੇ ਜਾਣਕਾਰੀ ਦਿੱਤੀ। ਪਿੰਡ ਵਾਸੀਆਂ ਨੇ ਸਰਕਾਰ ਤੋਂ ਮੰਗ ਕੀਤੀ ਕਿ ਮਸਲਿਆਂ ਦਾ ਜਲਦ ਹੱਲ ਕੀਤਾ ਜਾਵੇ। ਸ੍ਰੀ ਮੁਕਤਸਰ ਸਾਹਿਬ ਪੰਜਾਬ ਦਾ ਖੁਲਾਸਾ ਸਮਾਗਮ ਦੌਰਾਨ ਵਿਦਿਆਰਥੀਆਂ ਅਤੇ ਅਧਿਆਪਕਾਂ ਨੇ ਵੱਡੀ ਗਿਣਤੀ ਵਿੱਚ ਹਿੱਸਾ ਲਿਆ ਅਤੇ ਪ੍ਰਬੰਧਕਾਂ ਨੇ ਸਾਰਿਆਂ ਦਾ ਧੰਨਵਾਦ ਕੀਤਾ। ਇਸ ਮੌਕੇ ਹਾਜ਼ਰ ਸ਼ਖਸੀਅਤਾਂ ਨੇ ਆਪਣੇ ਵਿਚਾਰ ਸਾਂਝੇ ਕੀਤੇ ਅਤੇ ਆਉਣ ਵਾਲੇ ਪ੍ਰੋਗਰਾਮਾਂ ਬਾਰੇ ਜਾਣਕਾਰੀ ਦਿੱਤੀ। ਪਿੰਡ ਵਾਸੀਆਂ ਨੇ ਸਰਕਾਰ ਤੋਂ ਮੰਗ ਕੀਤੀ ਕਿ ਮਸਲਿਆਂ ਦਾ ਜਲਦ ਹੱਲ ਕੀਤਾ ਜਾਵੇ।
ਸ੍ਰੀ ਮੁਕਤਸਰ ਸਾਹਿਬ ਪੰਜਾਬ ਦਾ ਖੁਲਾਸਾ ਸਮਾਗਮ ਦੌਰਾਨ ਵਿਦਿਆਰਥੀਆਂ ਅਤੇ ਅਧਿਆਪਕਾਂ ਨੇ ਵੱਡੀ ਗਿਣਤੀ ਵਿੱਚ ਹਿੱਸਾ ਲਿਆ ਅਤੇ ਪ੍ਰਬੰਧਕਾਂ ਨੇ ਸਾਰਿਆਂ ਦਾ ਧੰਨਵਾਦ ਕੀਤਾ। ਇਸ ਮੌਕੇ ਹਾਜ਼ਰ ਸ਼ਖਸੀਅਤਾਂ ਨੇ ਆਪਣੇ ਵਿਚਾਰ ਸਾਂਝੇ ਕੀਤੇ ਅਤੇ ਆਉਣ ਵਾਲੇ ਪ੍ਰੋਗਰਾਮਾਂ ਬਾਰੇ ਜਾਣਕਾਰੀ ਦਿੱਤੀ। ਪਿੰਡ ਵਾਸੀਆਂ ਨੇ ਸਰਕਾਰ ਤੋਂ ਮੰਗ ਕੀਤੀ ਕਿ ਮਸਲਿਆਂ ਦਾ ਜਲਦ ਹੱਲ ਕੀਤਾ ਜਾਵੇ। ਸ੍ਰੀ ਮੁਕਤਸਰ ਸਾਹਿਬ ਪੰਜਾਬ ਦਾ ਖੁਲਾਸਾ ਸਮਾਗਮ ਦੌਰਾਨ ਵਿਦਿਆਰਥੀਆਂ ਅਤੇ ਅਧਿਆਪਕਾਂ ਨੇ ਵੱਡੀ ਗਿਣਤੀ ਵਿੱਚ ਹਿੱਸਾ ਲਿਆ ਅਤੇ ਪ੍ਰਬੰਧਕਾਂ ਨੇ ਸਾਰਿਆਂ ਦਾ ਧੰਨਵਾਦ ਕੀਤਾ। ਇਸ ਮੌਕੇ ਹਾਜ਼ਰ ਸ਼ਖਸੀਅਤਾਂ ਨੇ ਆਪਣੇ ਵਿਚਾਰ ਸਾਂਝੇ ਕੀਤੇ ਅਤੇ ਆਉਣ
ਸ੍ਰੀ ਮੁਕਤਸਰ ਸਾਹਿਬ ਪੰਜਾਬ ਦਾ ਖੁਲਾਸਾ ਸਮਾਗਮ ਦੌਰਾਨ ਵਿਦਿਆਰਥੀਆਂ ਅਤੇ ਅਧਿਆਪਕਾਂ ਨੇ ਵੱਡੀ ਗਿਣਤੀ ਵਿੱਚ ਹਿੱਸਾ ਲਿਆ ਅਤੇ ਪ੍ਰਬੰਧਕਾਂ ਨੇ ਸਾਰਿਆਂ ਦਾ ਧੰਨਵਾਦ ਕੀਤਾ। ਇਸ ਮੌਕੇ ਹਾਜ਼ਰ ਸ਼ਖਸੀਅਤਾਂ ਨੇ ਆਪਣੇ ਵਿਚਾਰ ਸਾਂਝੇ ਕੀਤੇ ਅਤੇ ਆਉਣ ਵਾਲੇ ਪ੍ਰੋਗਰਾਮਾਂ ਬਾਰੇ ਜਾਣਕਾਰੀ ਦਿੱਤੀ। ਪਿੰਡ ਵਾਸੀਆਂ ਨੇ ਸਰਕਾਰ ਤੋਂ ਮੰਗ ਕੀਤੀ ਕਿ ਮਸਲਿਆਂ ਦਾ ਜਲਦ ਹੱਲ ਕੀਤਾ ਜਾਵੇ। ਸ੍ਰੀ ਮੁਕਤਸਰ ਸਾਹਿਬ ਪੰਜਾਬ ਦਾ ਖੁਲਾਸਾ ਸਮਾਗਮ ਦੌਰਾਨ ਵਿਦਿਆਰਥੀਆਂ ਅਤੇ ਅਧਿਆਪਕਾਂ ਨੇ ਵੱਡੀ ਗਿਣਤੀ ਵਿੱਚ ਹਿੱਸਾ ਲਿਆ ਅਤੇ ਪ੍ਰਬੰਧਕਾਂ ਨੇ ਸਾਰਿਆਂ ਦਾ ਧੰਨਵਾਦ ਕੀਤਾ। ਇਸ
ਸ੍ਰੀ ਗੁਰੂ ਤੇਗ ਬਹਾਦਰ ਜੀ ਨੂੰ ਸਮਰਪਿਤ ਵਾਲਿਆ ਕਰਵਾਇਆ
ਸ੍ਰੀ ਮੁਕਤਸਰ ਸਾਹਿਬ ਪੰਜਾਬ ਦਾ ਖੁਲਾਸਾ ਸਮਾਗਮ ਦੌਰਾਨ ਵਿਦਿਆਰਥੀਆਂ ਅਤੇ ਅਧਿਆਪਕਾਂ ਨੇ ਵੱਡੀ ਗਿਣਤੀ ਵਿੱਚ ਹਿੱਸਾ ਲਿਆ ਅਤੇ ਪ੍ਰਬੰਧਕਾਂ ਨੇ ਸਾਰਿਆਂ ਦਾ ਧੰਨਵਾਦ ਕੀਤਾ। ਇਸ ਮੌਕੇ ਹਾਜ਼ਰ ਸ਼ਖਸੀਅਤਾਂ ਨੇ ਆਪਣੇ ਵਿਚਾਰ ਸਾਂਝੇ ਕੀਤੇ ਅਤੇ ਆਉਣ ਵਾਲੇ ਪ੍ਰੋਗਰਾਮਾਂ ਬਾਰੇ ਜਾਣਕਾਰੀ ਦਿੱਤੀ। ਪਿੰਡ ਵਾਸੀਆਂ ਨੇ ਸਰਕਾਰ ਤੋਂ ਮੰਗ ਕੀਤੀ ਕਿ ਮਸਲਿਆਂ ਦਾ ਜਲਦ ਹੱਲ ਕੀਤਾ ਜਾਵੇ। ਸ੍ਰੀ ਮੁਕਤਸਰ ਸਾਹਿਬ ਪੰਜਾਬ ਦਾ ਖੁਲਾਸਾ ਸਮਾਗਮ ਦੌਰਾਨ ਵਿਦਿਆਰਥੀਆਂ ਅਤੇ ਅਧਿਆਪਕਾਂ ਨੇ ਵੱਡੀ ਗਿਣਤੀ ਵਿੱਚ ਹਿੱਸਾ ਲਿਆ ਅਤੇ ਪ੍ਰਬੰਧਕਾਂ ਨੇ ਸਾਰਿਆਂ ਦਾ ਧੰਨਵਾਦ ਕੀਤਾ। ਇਸ ਮੌਕੇ ਹਾਜ਼ਰ ਸ਼ਖਸੀਅਤਾਂ ਨੇ ਆਪਣੇ ਵਿਚਾਰ ਸਾਂਝੇ ਕੀਤੇ
ਸ੍ਰੀ ਮੁਕਤਸਰ ਸਾਹਿਬ ਪੰਜਾਬ ਦਾ ਖੁਲਾਸਾ ਸਮਾਗਮ ਦੌਰਾਨ ਵਿਦਿਆਰਥੀਆਂ ਅਤੇ ਅਧਿਆਪਕਾਂ ਨੇ ਵੱਡੀ ਗਿਣਤੀ ਵਿੱਚ ਹਿੱਸਾ ਲਿਆ ਅਤੇ ਪ੍ਰਬੰਧਕਾਂ ਨੇ ਸਾਰਿਆਂ ਦਾ ਧੰਨਵਾਦ ਕੀਤਾ। ਇਸ ਮੌਕੇ ਹਾਜ਼ਰ ਸ਼ਖਸੀਅਤਾਂ ਨੇ ਆਪਣੇ ਵਿਚਾਰ ਸਾਂਝੇ ਕੀਤੇ ਅਤੇ ਆਉਣ ਵਾਲੇ ਪ੍ਰੋਗਰਾਮਾਂ ਬਾਰੇ ਜਾਣਕਾਰੀ ਦਿੱਤੀ। ਪਿੰਡ ਵਾਸੀਆਂ ਨੇ ਸਰਕਾਰ ਤੋਂ ਮੰਗ ਕੀਤੀ ਕਿ ਮਸ
ਪੰਜਾਬ ਸਰਕਾਰ ਦੁਆਰਾ ਰਾਜ਼ੀ ? ਨਾਗੀ ਨਾ ਕਰਨ ਤੇ ਮਿਡ—ਡੇ—ਮੀਲ ਤਹਿਤ ਸਕੂਲਾਂ ਦੇ ਚੁੱਲ੍ਹੇ ਠੰਢੇ ਹੋਣ ਕਿਨਾਰੇ— ਡੀ.ਟੀ.ਐਫ.
ਪੰਜਾਬ ਦਾ ਖੁਲਾਸਾ
ਸ੍ਰੀ ਮੁਕਤਸਰ ਸਾਹਿਬ ਪੰਜਾਬ ਦਾ ਖੁਲਾਸਾ ਸਮਾਗਮ ਦੌਰਾਨ ਵਿਦਿਆਰਥੀਆਂ ਅਤੇ ਅਧਿਆਪਕਾਂ ਨੇ ਵੱਡੀ ਗਿਣਤੀ ਵਿੱਚ ਹਿੱਸਾ ਲਿਆ ਅਤੇ ਪ੍ਰਬੰਧਕਾਂ ਨੇ ਸਾਰਿਆਂ ਦਾ ਧੰਨਵਾਦ ਕੀਤਾ। ਇਸ ਮੌਕੇ ਹਾਜ਼ਰ ਸ਼ਖਸੀਅਤਾਂ ਨੇ ਆਪਣੇ ਵਿਚਾਰ ਸਾਂਝੇ ਕੀਤੇ ਅਤੇ ਆਉਣ ਵਾਲੇ ਪ੍ਰੋਗਰਾਮਾਂ ਬਾਰੇ ਜਾਣਕਾਰੀ ਦਿੱਤੀ। ਪਿੰਡ ਵਾਸੀਆਂ ਨੇ ਸਰਕਾਰ ਤੋਂ ਮੰਗ ਕੀਤੀ ਕਿ ਮਸਲਿਆਂ ਦਾ ਜਲਦ ਹੱਲ ਕੀਤਾ ਜਾਵੇ। ਸ੍ਰੀ ਮੁਕਤਸਰ ਸਾਹਿਬ ਪੰਜਾਬ ਦਾ ਖੁਲਾਸਾ ਸਮਾਗਮ ਦੌਰਾਨ ਵਿਦਿਆਰਥੀਆਂ ਅਤੇ ਅਧਿਆਪਕਾਂ ਨੇ ਵੱਡੀ ਗਿਣਤੀ ਵਿੱਚ ਹਿੱਸਾ ਲਿਆ ਅਤੇ ਪ੍ਰਬੰਧਕਾਂ ਨੇ ਸਾਰਿਆਂ ਦਾ ਧੰਨਵਾਦ ਕੀਤਾ। ਇਸ ਮੌਕੇ ਹਾਜ਼ਰ ਸ਼ਖਸੀਅਤਾਂ ਨੇ ਆਪਣੇ ਵਿਚਾਰ ਸਾਂਝੇ ਕੀਤੇ ਅਤੇ ਆਉਣ ਵਾਲੇ ਪ੍ਰੋਗਰਾਮਾਂ ਬਾਰੇ ਜਾਣਕਾਰੀ ਦਿੱਤੀ। ਪਿੰਡ ਵਾਸੀਆਂ ਨੇ ਸਰਕਾਰ ਤੋਂ ਮੰਗ ਕੀਤੀ ਕਿ ਮਸਲਿਆਂ ਦਾ ਜਲਦ ਹੱਲ ਕੀਤਾ ਜਾਵੇ।
ਸ੍ਰੀ ਮੁਕਤਸਰ ਸਾਹਿਬ ਪੰਜਾਬ ਦਾ ਖੁਲਾਸਾ ਸਮਾਗਮ ਦੌਰਾਨ ਵਿਦਿਆਰਥੀਆਂ ਅਤੇ ਅਧਿਆਪਕਾਂ ਨੇ ਵੱਡੀ ਗਿਣਤੀ ਵਿੱਚ ਹਿੱਸਾ ਲਿਆ ਅਤੇ ਪ੍ਰਬੰਧਕਾਂ ਨੇ ਸਾਰਿਆਂ ਦਾ ਧੰਨਵਾਦ ਕੀਤਾ। ਇਸ ਮੌਕੇ ਹਾਜ਼ਰ ਸ਼ਖਸੀਅਤਾਂ ਨੇ ਆਪਣੇ ਵਿਚਾਰ ਸਾਂਝੇ ਕੀਤੇ ਅਤੇ ਆਉਣ ਵਾਲੇ ਪ੍ਰੋਗਰਾਮਾਂ ਬਾਰੇ ਜਾਣਕਾਰੀ ਦਿੱਤੀ। ਪਿੰਡ ਵਾਸੀਆਂ ਨੇ ਸਰਕਾਰ ਤੋਂ ਮੰਗ ਕੀਤੀ ਕਿ ਮਸਲਿਆਂ ਦਾ ਜਲਦ ਹੱਲ ਕੀਤਾ ਜਾਵੇ। ਸ੍ਰੀ ਮੁਕਤਸਰ ਸਾਹਿਬ ਪੰਜਾਬ ਦਾ ਖੁਲਾਸਾ ਸਮਾਗਮ ਦੌਰਾਨ ਵਿਦਿਆਰਥੀਆਂ ਅਤੇ ਅਧਿਆਪਕਾਂ ਨੇ ਵੱਡੀ ਗਿਣਤੀ ਵਿੱਚ ਹਿੱਸਾ ਲਿਆ ਅਤੇ ਪ੍ਰਬੰਧਕਾਂ ਨੇ ਸਾਰਿਆਂ ਦਾ ਧੰਨਵਾਦ ਕੀਤਾ। ਇਸ ਮੌਕੇ ਹਾਜ਼ਰ ਸ਼ਖਸੀਅਤਾਂ ਨੇ ਆਪਣੇ ਵਿਚਾਰ ਸਾਂਝੇ ਕੀਤੇ ਅਤੇ ਆਉਣ ਵਾਲੇ ਪ੍ਰੋਗਰਾਮਾਂ ਬਾਰੇ ਜਾਣਕਾਰੀ ਦਿੱਤੀ। ਪਿੰਡ ਵਾਸੀਆਂ ਨੇ ਸਰਕਾਰ ਤੋਂ ਮੰਗ ਕੀਤੀ ਕਿ ਮਸਲਿਆਂ ਦਾ ਜਲਦ ਹੱਲ ਕੀਤਾ ਜਾਵੇ।
ਸ੍ਰੀ ਮੁਕਤਸਰ ਸਾਹਿਬ ਪੰਜਾਬ ਦਾ ਖੁਲਾਸਾ ਸਮਾਗਮ ਦੌਰਾਨ ਵਿਦਿਆਰਥੀਆਂ ਅਤੇ ਅਧਿਆਪਕਾਂ ਨੇ ਵੱਡੀ ਗਿਣਤੀ ਵਿੱਚ ਹਿੱਸਾ ਲਿਆ ਅਤੇ ਪ੍ਰਬੰਧਕਾਂ ਨੇ ਸਾਰਿਆਂ ਦਾ ਧੰਨਵਾਦ ਕੀਤਾ। ਇਸ ਮੌਕੇ ਹਾਜ਼ਰ ਸ਼ਖਸੀਅਤਾਂ ਨੇ ਆਪਣੇ ਵਿਚਾਰ ਸਾਂਝੇ ਕੀਤੇ ਅਤੇ ਆਉਣ ਵਾਲੇ ਪ੍ਰੋਗਰਾਮਾਂ ਬਾਰੇ ਜਾਣਕਾਰੀ ਦਿੱਤੀ। ਪਿੰਡ ਵਾਸੀਆਂ ਨੇ ਸਰਕਾਰ ਤੋਂ ਮੰਗ ਕੀਤੀ ਕਿ ਮਸਲਿਆਂ ਦਾ ਜਲਦ ਹੱਲ ਕੀਤਾ ਜਾਵੇ। ਸ੍ਰੀ ਮੁਕਤਸਰ ਸਾਹਿਬ ਪੰਜਾਬ ਦਾ ਖੁਲਾਸਾ ਸਮਾਗਮ ਦੌਰਾਨ ਵਿਦਿਆਰਥੀਆਂ ਅਤੇ ਅਧਿਆਪਕਾਂ ਨੇ ਵੱਡੀ ਗਿਣਤੀ ਵਿੱਚ ਹਿੱਸਾ ਲਿਆ ਅਤੇ ਪ੍ਰਬੰਧਕਾਂ ਨੇ ਸਾਰਿਆਂ ਦਾ ਧੰਨਵਾਦ ਕੀਤਾ। ਇਸ ਮੌਕੇ ਹਾਜ਼ਰ ਸ਼ਖਸੀਅਤਾਂ ਨੇ ਆਪਣੇ ਵਿਚਾਰ ਸਾਂਝੇ ਕੀਤੇ ਅਤੇ ਆਉਣ ਵਾਲੇ ਪ੍ਰੋਗਰਾਮਾਂ ਬਾਰੇ ਜਾਣਕਾਰੀ ਦਿੱਤੀ। ਪਿੰਡ ਵਾਸੀਆਂ ਨੇ ਸਰਕਾਰ ਤੋਂ ਮੰਗ ਕੀਤੀ ਕਿ ਮਸਲਿਆਂ ਦਾ ਜਲਦ ਹੱਲ ਕੀਤਾ ਜਾਵੇ।
ਸ੍ਰੀ ਮੁਕਤਸਰ ਸਾਹਿਬ ਪੰਜਾਬ ਦਾ ਖੁਲਾਸਾ ਸਮਾਗਮ ਦੌਰਾਨ ਵਿਦਿਆਰਥੀਆਂ ਅਤੇ ਅਧਿਆਪਕਾਂ ਨੇ ਵੱਡੀ ਗਿਣਤੀ ਵਿੱਚ ਹਿੱਸਾ ਲਿਆ ਅਤੇ ਪ੍ਰਬੰਧਕਾਂ ਨੇ ਸਾਰਿਆਂ ਦਾ ਧੰਨਵਾਦ ਕੀਤਾ। ਇਸ ਮੌਕੇ ਹਾਜ਼ਰ ਸ਼ਖਸੀਅਤਾਂ ਨੇ ਆਪਣੇ ਵਿਚਾਰ ਸਾਂਝੇ ਕੀਤੇ ਅਤੇ ਆਉਣ ਵਾਲੇ ਪ੍ਰੋਗਰਾਮਾਂ ਬਾਰੇ ਜਾਣਕਾਰੀ ਦਿੱਤੀ। ਪਿੰਡ ਵਾਸੀਆਂ ਨੇ ਸਰਕਾਰ ਤੋਂ ਮੰਗ ਕੀਤੀ ਕਿ ਮਸਲਿਆਂ ਦਾ ਜਲਦ ਹੱਲ ਕੀਤਾ ਜਾਵੇ। ਸ੍ਰੀ ਮੁਕਤਸਰ ਸਾਹਿਬ ਪੰਜਾਬ ਦਾ ਖੁਲਾਸਾ ਸਮਾਗਮ ਦੌਰਾਨ ਵਿਦਿਆਰਥੀਆਂ ਅਤੇ ਅਧਿਆਪਕਾਂ ਨੇ ਵੱਡੀ ਗਿਣਤੀ ਵਿੱਚ ਹਿੱਸਾ ਲਿਆ ਅਤੇ ਪ੍ਰਬੰਧਕਾਂ ਨੇ ਸਾਰਿਆਂ ਦਾ ਧੰਨਵਾਦ ਕੀਤਾ। ਇਸ ਮੌਕੇ ਹਾਜ਼ਰ ਸ਼ਖਸੀਅਤਾਂ ਨੇ ਆਪਣੇ ਵਿਚਾਰ ਸਾਂਝੇ ਕੀਤੇ ਅਤੇ ਆਉਣ ਵਾਲੇ ਪ੍ਰੋਗਰਾਮਾਂ ਬਾਰੇ ਜਾਣਕਾਰੀ ਦਿੱਤੀ। ਪਿੰਡ ਵਾਸੀਆਂ ਨੇ ਸਰਕਾਰ ਤੋਂ ਮੰਗ ਕੀਤੀ ਕਿ ਮਸਲਿਆਂ ਦਾ ਜਲਦ ਹੱਲ ਕੀਤਾ ਜਾਵੇ।
ਸ੍ਰੀ ਮੁਕਤਸਰ ਸਾਹਿਬ ਪੁਲਿਸ ਵੱਲੋਂ ਦੋ ਪੀ.ਓ. ਭਗੌੜੇ ਮੁਲਜ਼ਮ ਕਾਬੂ
ਪੰਜਾਬ ਦਾ ਖੁਲਾਸਾ
ਸ੍ਰੀ ਮੁਕਤਸਰ ਸਾਹਿਬ ਪੰਜਾਬ ਦਾ ਖੁਲਾਸਾ ਸਮਾਗਮ ਦੌਰਾਨ ਵਿਦਿਆਰਥੀਆਂ ਅਤੇ ਅਧਿਆਪਕਾਂ ਨੇ ਵੱਡੀ ਗਿਣਤੀ ਵਿੱਚ ਹਿੱਸਾ ਲਿਆ ਅਤੇ ਪ੍ਰਬੰਧਕਾਂ ਨੇ ਸਾਰਿਆਂ ਦਾ ਧੰਨਵਾਦ ਕੀਤਾ। ਇਸ ਮੌਕੇ ਹਾਜ਼ਰ ਸ਼ਖਸੀਅਤਾਂ ਨੇ ਆਪਣੇ ਵਿਚਾਰ ਸਾਂਝੇ ਕੀਤੇ ਅਤੇ ਆਉਣ ਵਾਲੇ ਪ੍ਰੋਗਰਾਮਾਂ ਬਾਰੇ ਜਾਣਕਾਰੀ ਦਿੱਤੀ। ਪਿੰਡ ਵਾਸੀਆਂ ਨੇ ਸਰਕਾਰ ਤੋਂ ਮੰਗ ਕੀਤੀ ਕਿ ਮਸਲਿਆਂ ਦਾ ਜਲਦ ਹੱਲ ਕੀਤਾ ਜਾਵੇ। ਸ੍ਰੀ ਮੁਕਤਸਰ ਸਾਹਿਬ ਪੰਜਾਬ ਦਾ ਖੁਲਾਸਾ ਸਮਾਗਮ ਦੌਰਾਨ ਵਿਦਿਆਰਥੀਆਂ ਅਤੇ ਅਧਿਆਪਕਾਂ ਨੇ ਵੱਡੀ ਗਿਣਤੀ ਵਿੱਚ ਹਿੱਸਾ ਲਿਆ ਅਤੇ ਪ੍ਰਬੰਧਕਾਂ ਨੇ ਸਾਰਿਆਂ ਦਾ ਧੰਨਵਾਦ ਕੀਤਾ। ਇਸ ਮੌਕੇ ਹਾਜ਼ਰ ਸ਼ਖਸੀਅਤਾਂ ਨੇ ਆਪਣੇ ਵਿਚਾਰ ਸਾਂਝੇ ਕੀਤੇ
ਸ੍ਰੀ ਮੁਕਤਸਰ ਸਾਹਿਬ ਪੰਜਾਬ ਦਾ ਖੁਲਾਸਾ ਸਮਾਗਮ ਦੌਰਾਨ ਵਿਦਿਆਰਥੀਆਂ ਅਤੇ ਅਧਿਆਪਕਾਂ ਨੇ ਵੱਡੀ ਗਿਣਤੀ ਵਿੱਚ ਹਿੱਸਾ ਲਿਆ ਅਤੇ ਪ੍ਰਬੰਧਕਾਂ ਨੇ ਸਾਰਿਆਂ ਦਾ ਧੰਨਵਾਦ ਕੀਤਾ। ਇਸ ਮੌਕੇ ਹਾਜ਼ਰ ਸ਼ਖਸੀਅਤਾਂ ਨੇ ਆਪਣੇ ਵਿਚਾਰ ਸਾਂਝੇ ਕੀਤੇ ਅਤੇ ਆਉਣ ਵਾਲੇ ਪ੍ਰੋਗਰਾਮਾਂ ਬਾਰੇ ਜਾਣਕਾਰੀ ਦਿੱਤੀ। ਪਿੰਡ ਵਾਸੀਆਂ ਨੇ ਸਰਕਾਰ ਤੋਂ ਮੰਗ ਕੀਤੀ ਕਿ ਮਸਲਿਆਂ ਦਾ ਜਲਦ ਹੱਲ ਕੀਤਾ ਜਾਵੇ। ਸ੍ਰੀ ਮੁਕਤਸਰ ਸਾਹਿਬ ਪੰਜਾਬ ਦਾ ਖੁਲਾਸਾ ਸਮਾਗਮ ਦੌਰਾਨ ਵਿਦਿਆਰਥੀਆਂ ਅਤੇ ਅਧਿਆਪਕਾਂ ਨੇ ਵੱਡੀ ਗਿਣਤੀ ਵਿੱਚ ਹਿੱਸਾ ਲਿਆ ਅਤੇ ਪ੍ਰਬੰਧਕਾਂ ਨੇ ਸਾਰਿਆਂ ਦਾ ਧੰਨਵਾਦ ਕੀਤਾ। ਇਸ ਮੌਕੇ ਹਾਜ਼ਰ ਸ਼ਖਸੀਅਤਾਂ ਨੇ ਆਪਣੇ ਵਿਚਾਰ ਸਾਂਝੇ ਕੀਤੇ
ਸ੍ਰੀ ਮੁਕਤਸਰ ਸਾਹਿਬ ਪੰਜਾਬ ਦਾ ਖੁਲਾਸਾ ਸਮਾਗਮ ਦੌਰਾਨ ਵਿਦਿਆਰਥੀਆਂ ਅਤੇ ਅਧਿਆਪਕਾਂ ਨੇ ਵੱਡੀ ਗਿਣਤੀ ਵਿੱਚ ਹਿੱਸਾ ਲਿਆ ਅਤੇ ਪ੍ਰਬੰਧਕਾਂ ਨੇ ਸਾਰਿਆਂ ਦਾ ਧੰਨਵਾਦ ਕੀਤਾ। ਇਸ ਮੌਕੇ ਹਾਜ਼ਰ ਸ਼ਖਸੀਅਤਾਂ ਨੇ ਆਪਣੇ ਵਿਚਾਰ ਸਾਂਝੇ ਕੀਤੇ ਅਤੇ ਆਉਣ ਵਾਲੇ ਪ੍ਰੋਗਰਾਮਾਂ ਬਾਰੇ ਜਾਣਕਾਰੀ ਦਿੱਤੀ। ਪਿੰਡ ਵਾਸੀਆਂ ਨੇ ਸਰਕਾਰ ਤੋਂ ਮੰਗ ਕੀਤੀ ਕਿ ਮਸਲਿਆਂ ਦਾ ਜਲਦ ਹੱਲ ਕੀਤਾ ਜਾਵੇ। ਸ੍ਰੀ ਮੁਕਤਸਰ ਸਾਹਿਬ ਪੰਜਾਬ ਦਾ ਖੁਲਾਸਾ ਸਮਾਗਮ ਦੌਰਾਨ ਵਿਦਿਆਰਥੀਆਂ ਅਤੇ ਅਧਿਆਪਕਾਂ ਨੇ ਵੱਡੀ ਗਿਣਤੀ ਵਿੱਚ ਹਿੱਸਾ ਲਿਆ ਅਤੇ ਪ੍ਰਬੰਧਕਾਂ ਨੇ ਸਾਰਿਆਂ ਦਾ ਧੰਨਵਾਦ ਕੀਤਾ। ਇਸ ਮੌਕੇ ਹਾਜ਼ਰ ਸ਼ਖਸੀਅਤਾਂ ਨੇ ਆਪਣੇ ਵਿਚਾਰ ਸਾਂਝੇ ਕੀਤੇ ਅਤੇ ਆਉਣ ਵਾਲੇ
ਭਰਾਂ ਦੀ ਲੰਬੀ ਉਮਰ ਦੀ ਭੈਣਾਂ ਨੇ ਕੀਤੀ ਕਾਮਨਾ
ਸ੍ਰੀ ਮੁਕਤਸਰ ਸਾਹਿਬ ਪੰਜਾਬ ਦਾ ਖੁਲਾਸਾ ਸਮਾਗਮ ਦੌਰਾਨ ਵਿਦਿਆਰਥੀਆਂ ਅਤੇ ਅਧਿਆਪਕਾਂ ਨੇ ਵੱਡੀ ਗਿਣਤੀ ਵਿੱਚ ਹਿੱਸਾ ਲਿਆ ਅਤੇ ਪ੍ਰਬੰਧਕਾਂ ਨੇ ਸਾਰਿਆਂ ਦਾ ਧੰਨਵਾਦ ਕੀਤਾ। ਇਸ ਮੌਕੇ ਹਾਜ਼ਰ ਸ਼ਖਸੀਅਤਾਂ ਨੇ ਆਪਣੇ ਵਿਚਾਰ ਸਾਂਝੇ ਕੀਤੇ ਅਤੇ ਆਉਣ ਵਾਲੇ ਪ੍ਰੋਗਰਾਮਾਂ ਬਾਰੇ ਜਾਣਕਾਰੀ ਦਿੱਤੀ। ਪਿੰਡ ਵਾਸੀਆਂ ਨੇ ਸਰਕਾਰ ਤੋਂ ਮੰਗ ਕੀਤੀ ਕਿ ਮਸਲਿਆਂ ਦਾ ਜਲਦ ਹੱਲ ਕੀਤਾ ਜਾਵੇ। ਸ੍ਰੀ ਮੁਕਤਸਰ ਸਾਹਿਬ ਪੰਜਾਬ ਦਾ ਖੁਲਾਸਾ ਸਮਾਗਮ ਦੌਰਾਨ ਵਿਦਿਆਰਥੀਆਂ ਅਤੇ ਅਧਿਆਪਕਾਂ ਨੇ ਵੱਡੀ ਗਿਣਤੀ ਵਿੱਚ ਹਿੱਸਾ ਲਿਆ ਅਤੇ ਪ੍ਰਬੰਧਕਾਂ ਨੇ ਸਾਰਿਆਂ ਦਾ ਧੰਨਵਾਦ ਕੀਤਾ। ਇਸ ਮੌਕੇ ਹਾਜ਼ਰ ਸ਼ਖਸੀਅਤਾਂ ਨੇ ਆਪਣੇ ਵਿਚਾਰ ਸਾਂਝੇ ਕੀਤੇ ਅਤੇ ਆਉਣ ਵਾਲੇ ਪ੍ਰੋਗਰਾਮਾਂ ਬਾਰੇ ਜਾਣਕਾਰੀ ਦਿੱਤੀ। ਪਿੰਡ ਵਾਸੀਆਂ ਨੇ ਸਰਕਾਰ ਤੋਂ ਮੰਗ ਕੀਤੀ ਕਿ ਮਸਲਿਆਂ ਦਾ ਜਲਦ
ਸ੍ਰੀ ਮੁਕਤਸਰ ਸਾਹਿਬ
